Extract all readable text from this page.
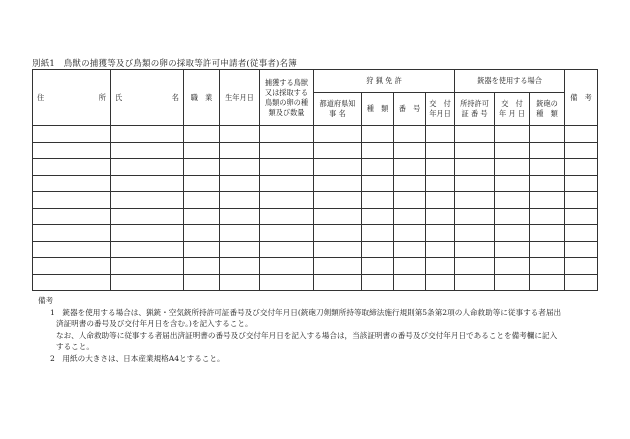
別紙1　鳥獣の捕獲等及び鳥類の卵の採取等許可申請者(従事者)名簿
住 所	氏 名	職　業	生年月日	捕獲する鳥獣又は採取する鳥類の卵の種類及び数量	狩 猟 免 許				銃器を使用する場合			備　考
					都道府県知 事 名	種　類	番　号	交　付年月日	所持許可証 番 号	交　付年 月 日	銃砲の種　類	

備考

1　銃器を使用する場合は、猟銃・空気銃所持許可証番号及び交付年月日(銃砲刀剣類所持等取締法施行規則第5条第2項の人命救助等に従事する者届出

済証明書の番号及び交付年月日を含む。)を記入すること。

なお、人命救助等に従事する者届出済証明書の番号及び交付年月日を記入する場合は，当該証明書の番号及び交付年月日であることを備考欄に記入

すること。

2　用紙の大きさは、日本産業規格A4とすること。
